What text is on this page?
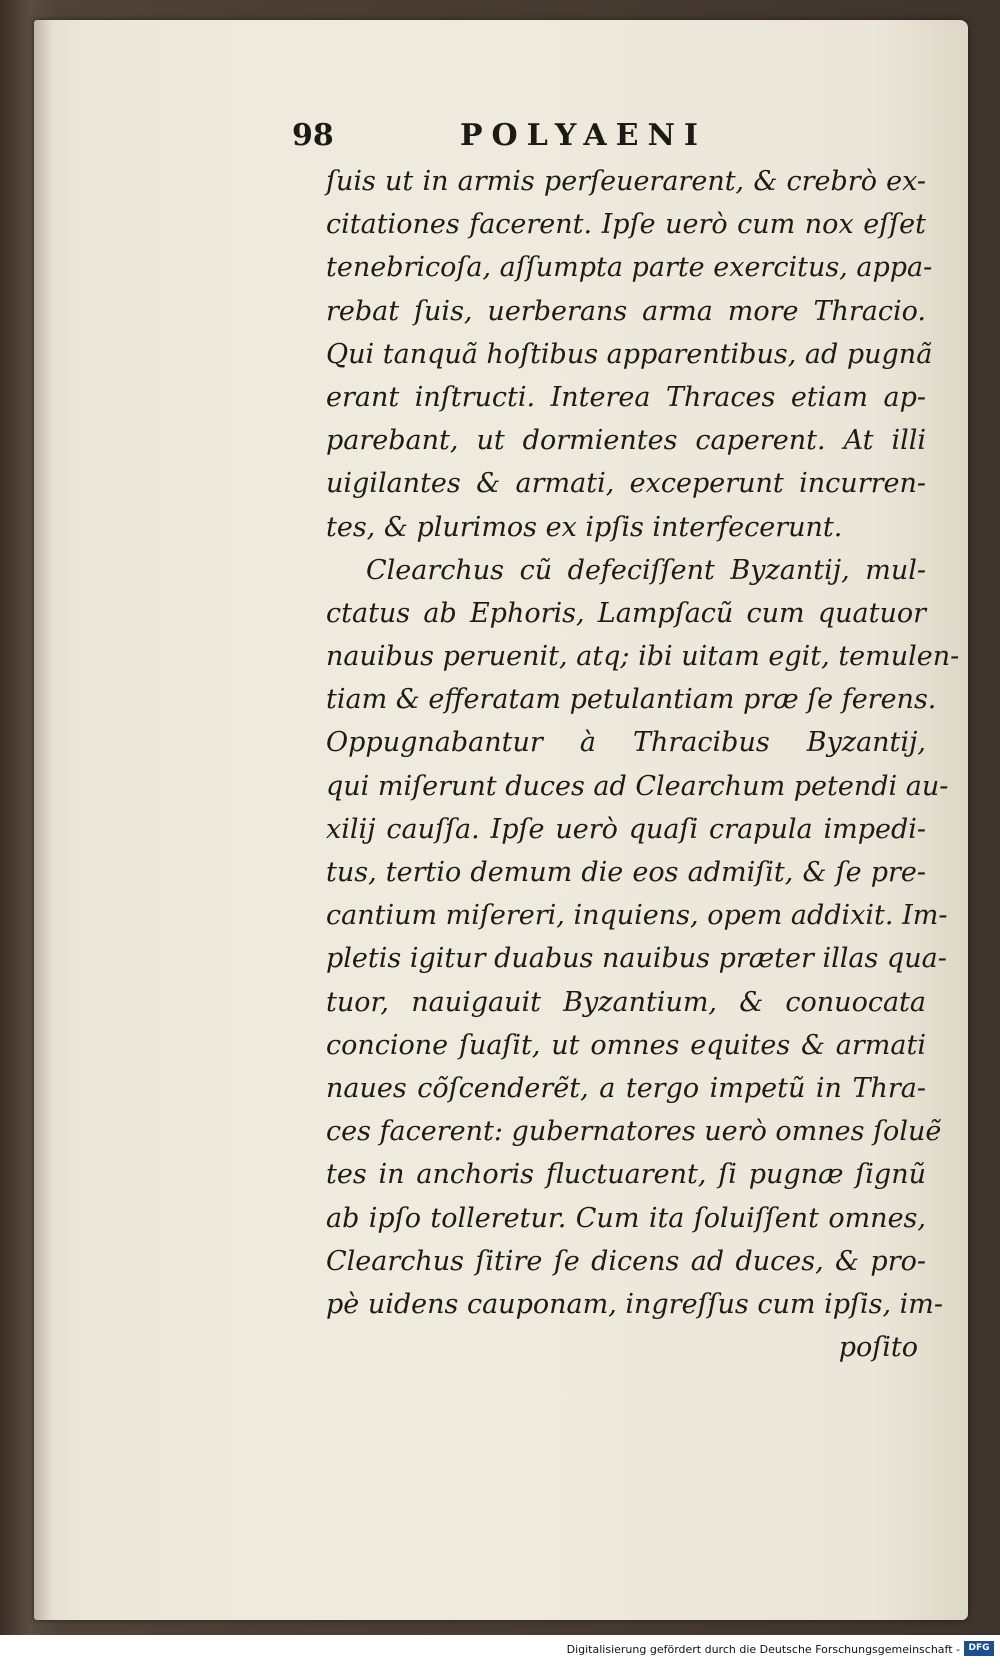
98	POLYAENI
ſuis ut in armis perſeuerarent, & crebrò ex-
citationes facerent. Ipſe uerò cum nox eſſet
tenebricoſa, aſſumpta parte exercitus, appa-
rebat ſuis, uerberans arma more Thracio.
Qui tanquã hoſtibus apparentibus, ad pugnã
erant inſtructi. Interea Thraces etiam ap-
parebant, ut dormientes caperent. At illi
uigilantes & armati, exceperunt incurren-
tes, & plurimos ex ipſis interfecerunt.
Clearchus cũ defeciſſent Byzantij, mul-
ctatus ab Ephoris, Lampſacũ cum quatuor
nauibus peruenit, atq; ibi uitam egit, temulen-
tiam & efferatam petulantiam præ ſe ferens.
Oppugnabantur à Thracibus Byzantij,
qui miſerunt duces ad Clearchum petendi au-
xilij cauſſa. Ipſe uerò quaſi crapula impedi-
tus, tertio demum die eos admiſit, & ſe pre-
cantium miſereri, inquiens, opem addixit. Im-
pletis igitur duabus nauibus præter illas qua-
tuor, nauigauit Byzantium, & conuocata
concione ſuaſit, ut omnes equites & armati
naues cõſcenderẽt, a tergo impetũ in Thra-
ces facerent: gubernatores uerò omnes ſoluẽ
tes in anchoris fluctuarent, ſi pugnæ ſignũ
ab ipſo tolleretur. Cum ita ſoluiſſent omnes,
Clearchus ſitire ſe dicens ad duces, & pro-
pè uidens cauponam, ingreſſus cum ipſis, im-
poſito
Digitalisierung gefördert durch die Deutsche Forschungsgemeinschaft - DFG
